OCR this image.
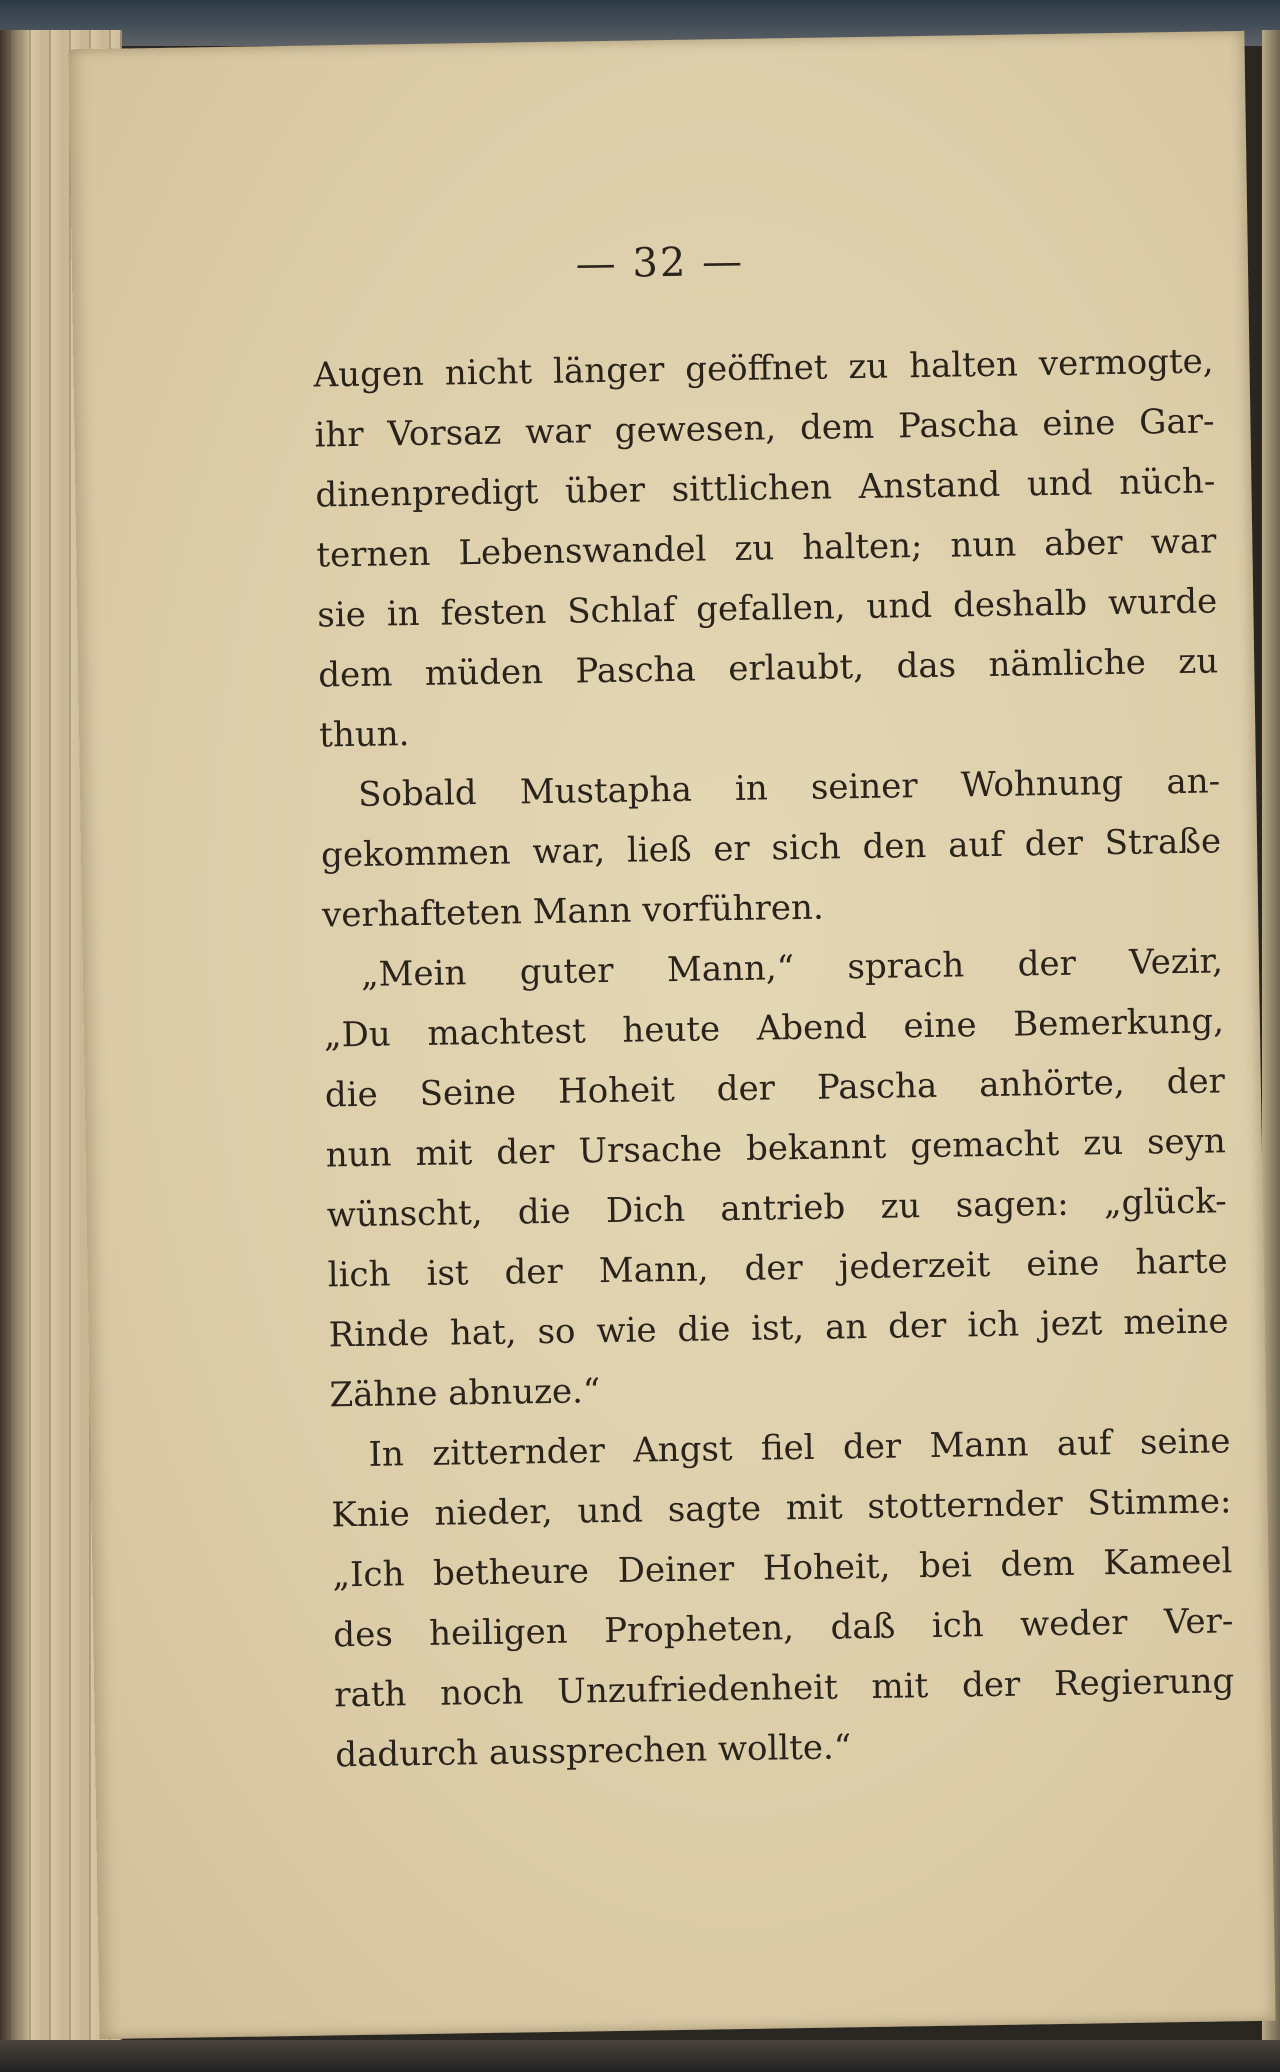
— 32 —
Augen nicht länger geöffnet zu halten vermogte,
ihr Vorsaz war gewesen, dem Pascha eine Gar-
dinenpredigt über sittlichen Anstand und nüch-
ternen Lebenswandel zu halten; nun aber war
sie in festen Schlaf gefallen, und deshalb wurde
dem müden Pascha erlaubt, das nämliche zu
thun.
Sobald Mustapha in seiner Wohnung an-
gekommen war, ließ er sich den auf der Straße
verhafteten Mann vorführen.
„Mein guter Mann,“ sprach der Vezir,
„Du machtest heute Abend eine Bemerkung,
die Seine Hoheit der Pascha anhörte, der
nun mit der Ursache bekannt gemacht zu seyn
wünscht, die Dich antrieb zu sagen: „glück-
lich ist der Mann, der jederzeit eine harte
Rinde hat, so wie die ist, an der ich jezt meine
Zähne abnuze.“
In zitternder Angst fiel der Mann auf seine
Knie nieder, und sagte mit stotternder Stimme:
„Ich betheure Deiner Hoheit, bei dem Kameel
des heiligen Propheten, daß ich weder Ver-
rath noch Unzufriedenheit mit der Regierung
dadurch aussprechen wollte.“
